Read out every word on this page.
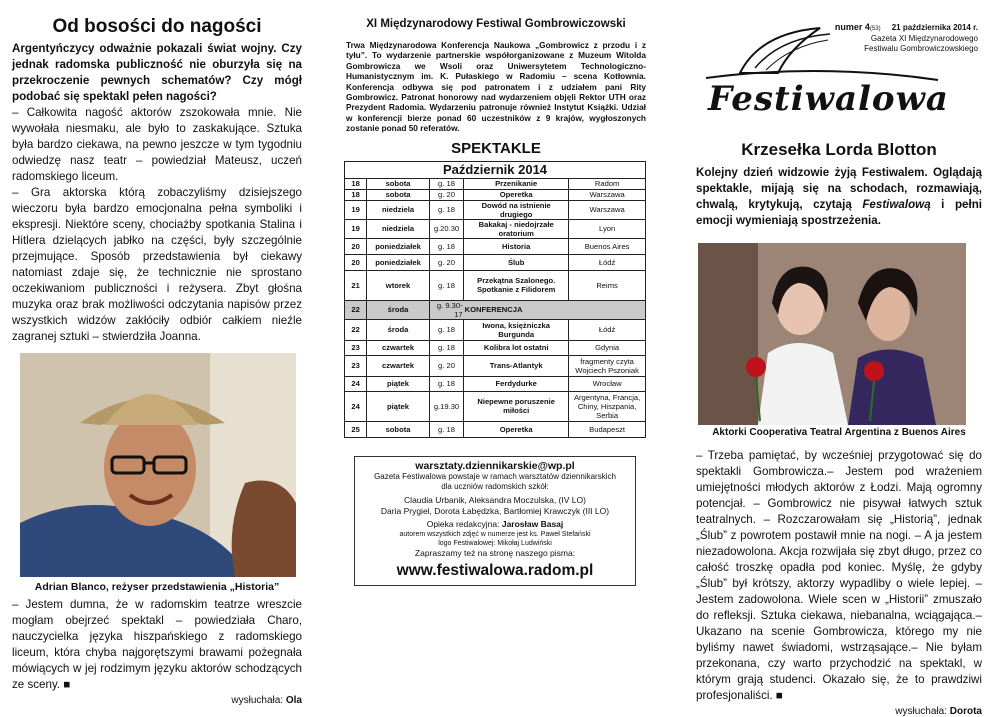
Od bosości do nagości
Argentyńczycy odważnie pokazali świat wojny. Czy jednak radomska publiczność nie oburzyła się na przekroczenie pewnych schematów? Czy mógł podobać się spektakl pełen nagości?
– Całkowita nagość aktorów zszokowała mnie. Nie wywołała niesmaku, ale było to zaskakujące. Sztuka była bardzo ciekawa, na pewno jeszcze w tym tygodniu odwiedzę nasz teatr – powiedział Mateusz, uczeń radomskiego liceum.
– Gra aktorska którą zobaczyliśmy dzisiejszego wieczoru była bardzo emocjonalna pełna symboliki i ekspresji. Niektóre sceny, chociażby spotkania Stalina i Hitlera dzielących jabłko na części, były szczególnie przejmujące. Sposób przedstawienia był ciekawy natomiast zdaje się, że technicznie nie sprostano oczekiwaniom publiczności i reżysera. Zbyt głośna muzyka oraz brak możliwości odczytania napisów przez wszystkich widzów zakłóciły odbiór całkiem nieźle zagranej sztuki – stwierdziła Joanna.
Adrian Blanco, reżyser przedstawienia „Historia”
– Jestem dumna, że w radomskim teatrze wreszcie mogłam obejrzeć spektakl – powiedziała Charo, nauczycielka języka hiszpańskiego z radomskiego liceum, która chyba najgorętszymi brawami pożegnała mówiących w jej rodzimym języku aktorów schodzących ze sceny. ■
wysłuchała: Ola
XI Międzynarodowy Festiwal Gombrowiczowski
Trwa Międzynarodowa Konferencja Naukowa „Gombrowicz z przodu i z tyłu”. To wydarzenie partnerskie współorganizowane z Muzeum Witolda Gombrowicza we Wsoli oraz Uniwersytetem Technologiczno-Humanistycznym im. K. Pułaskiego w Radomiu – scena Kotłownia. Konferencja odbywa się pod patronatem i z udziałem pani Rity Gombrowicz. Patronat honorowy nad wydarzeniem objęli Rektor UTH oraz Prezydent Radomia. Wydarzeniu patronuje również Instytut Książki. Udział w konferencji bierze ponad 60 uczestników z 9 krajów, wygłoszonych zostanie ponad 50 referatów.
SPEKTAKLE
Październik 2014				
18	sobota	g. 18	Przenikanie	Radom
18	sobota	g. 20	Operetka	Warszawa
19	niedziela	g. 18	Dowód na istnienie drugiego	Warszawa
19	niedziela	g.20.30	Bakakaj - niedojrzałe oratorium	Lyon
20	poniedziałek	g. 18	Historia	Buenos Aires
20	poniedziałek	g. 20	Ślub	Łódź
21	wtorek	g. 18	Przekątna Szalonego. Spotkanie z Filidorem	Reims
22	środa	g. 9.30-17	KONFERENCJA	
22	środa	g. 18	Iwona, księżniczka Burgunda	Łódź
23	czwartek	g. 18	Kolibra lot ostatni	Gdynia
23	czwartek	g. 20	Trans-Atlantyk	fragmenty czyta Wojciech Pszoniak
24	piątek	g. 18	Ferdydurke	Wrocław
24	piątek	g.19.30	Niepewne poruszenie miłości	Argentyna, Francja, Chiny, Hiszpania, Serbia
25	sobota	g. 18	Operetka	Budapeszt
warsztaty.dziennikarskie@wp.pl
Gazeta Festiwalowa powstaje w ramach warsztatów dziennikarskich
dla uczniów radomskich szkół:
Claudia Urbanik, Aleksandra Moczulska, (IV LO)
Daria Prygiel, Dorota Łabędzka, Bartłomiej Krawczyk (III LO)
Opieka redakcyjna: Jarosław Basaj
autorem wszystkich zdjęć w numerze jest ks. Paweł Stefański
logo Festiwalowej: Mikołaj Ludwiński
Zapraszamy też na stronę naszego pisma:
www.festiwalowa.radom.pl
Festiwalowa
numer 4(53) 21 października 2014 r.
Gazeta XI Międzynarodowego
Festiwalu Gombrowiczowskiego
Krzesełka Lorda Blotton
Kolejny dzień widzowie żyją Festiwalem. Oglądają spektakle, mijają się na schodach, rozmawiają, chwalą, krytykują, czytają Festiwalową i pełni emocji wymieniają spostrzeżenia.
Aktorki Cooperativa Teatral Argentina z Buenos Aires
– Trzeba pamiętać, by wcześniej przygotować się do spektakli Gombrowicza.– Jestem pod wrażeniem umiejętności młodych aktorów z Łodzi. Mają ogromny potencjał. – Gombrowicz nie pisywał łatwych sztuk teatralnych. – Rozczarowałam się „Historią”, jednak „Ślub” z powrotem postawił mnie na nogi. – A ja jestem niezadowolona. Akcja rozwijała się zbyt długo, przez co całość troszkę opadła pod koniec. Myślę, że gdyby „Ślub” był krótszy, aktorzy wypadliby o wiele lepiej. – Jestem zadowolona. Wiele scen w „Historii” zmuszało do refleksji. Sztuka ciekawa, niebanalna, wciągająca.– Ukazano na scenie Gombrowicza, którego my nie byliśmy nawet świadomi, wstrząsające.– Nie byłam przekonana, czy warto przychodzić na spektakl, w którym grają studenci. Okazało się, że to prawdziwi profesjonaliści. ■
wysłuchała: Dorota
